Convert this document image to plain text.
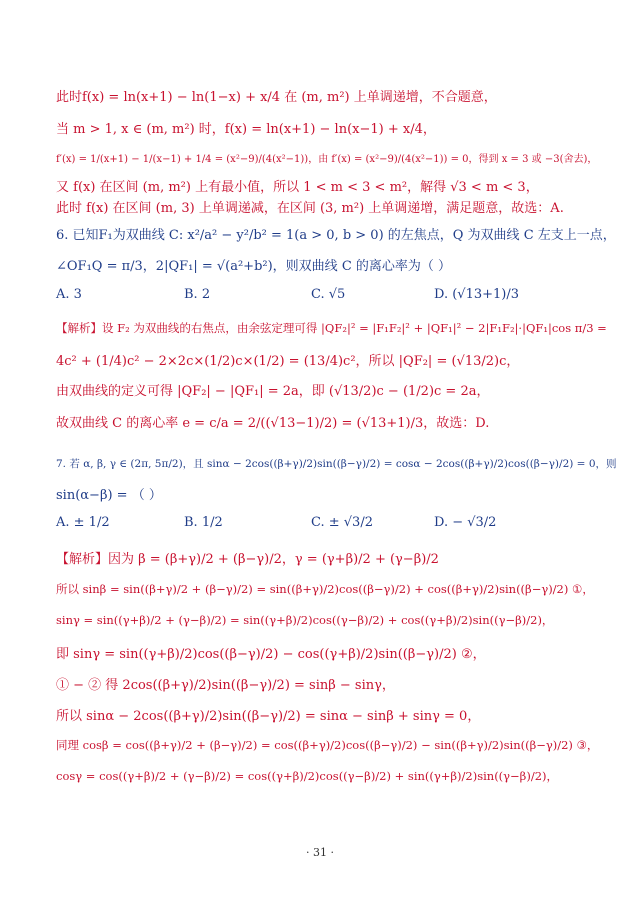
此时f(x) = ln(x+1) − ln(1−x) + x/4 在 (m, m²) 上单调递增，不合题意，
当 m > 1, x ∈ (m, m²) 时，f(x) = ln(x+1) − ln(x−1) + x/4，
f′(x) = 1/(x+1) − 1/(x−1) + 1/4 = (x²−9)/(4(x²−1))，由 f′(x) = (x²−9)/(4(x²−1)) = 0，得到 x = 3 或 −3(舍去)，
又 f(x) 在区间 (m, m²) 上有最小值，所以 1 < m < 3 < m²，解得 √3 < m < 3，
此时 f(x) 在区间 (m, 3) 上单调递减，在区间 (3, m²) 上单调递增，满足题意，故选：A.
6. 已知F₁为双曲线 C: x²/a² − y²/b² = 1(a > 0, b > 0) 的左焦点，Q 为双曲线 C 左支上一点，
∠OF₁Q = π/3，2|QF₁| = √(a²+b²)，则双曲线 C 的离心率为（ ）
A. 3	B. 2	C. √5	D. (√13+1)/3
【解析】设 F₂ 为双曲线的右焦点，由余弦定理可得 |QF₂|² = |F₁F₂|² + |QF₁|² − 2|F₁F₂|·|QF₁|cos π/3 =
4c² + (1/4)c² − 2×2c×(1/2)c×(1/2) = (13/4)c²，所以 |QF₂| = (√13/2)c，
由双曲线的定义可得 |QF₂| − |QF₁| = 2a，即 (√13/2)c − (1/2)c = 2a，
故双曲线 C 的离心率 e = c/a = 2/((√13−1)/2) = (√13+1)/3，故选：D.
7. 若 α, β, γ ∈ (2π, 5π/2)，且 sinα − 2cos((β+γ)/2)sin((β−γ)/2) = cosα − 2cos((β+γ)/2)cos((β−γ)/2) = 0，则
sin(α−β) = （ ）
A. ± 1/2	B. 1/2	C. ± √3/2	D. − √3/2
【解析】因为 β = (β+γ)/2 + (β−γ)/2，γ = (γ+β)/2 + (γ−β)/2
所以 sinβ = sin((β+γ)/2 + (β−γ)/2) = sin((β+γ)/2)cos((β−γ)/2) + cos((β+γ)/2)sin((β−γ)/2) ①，
sinγ = sin((γ+β)/2 + (γ−β)/2) = sin((γ+β)/2)cos((γ−β)/2) + cos((γ+β)/2)sin((γ−β)/2)，
即 sinγ = sin((γ+β)/2)cos((β−γ)/2) − cos((γ+β)/2)sin((β−γ)/2) ②，
① − ② 得 2cos((β+γ)/2)sin((β−γ)/2) = sinβ − sinγ，
所以 sinα − 2cos((β+γ)/2)sin((β−γ)/2) = sinα − sinβ + sinγ = 0，
同理 cosβ = cos((β+γ)/2 + (β−γ)/2) = cos((β+γ)/2)cos((β−γ)/2) − sin((β+γ)/2)sin((β−γ)/2) ③，
cosγ = cos((γ+β)/2 + (γ−β)/2) = cos((γ+β)/2)cos((γ−β)/2) + sin((γ+β)/2)sin((γ−β)/2)，
· 31 ·
